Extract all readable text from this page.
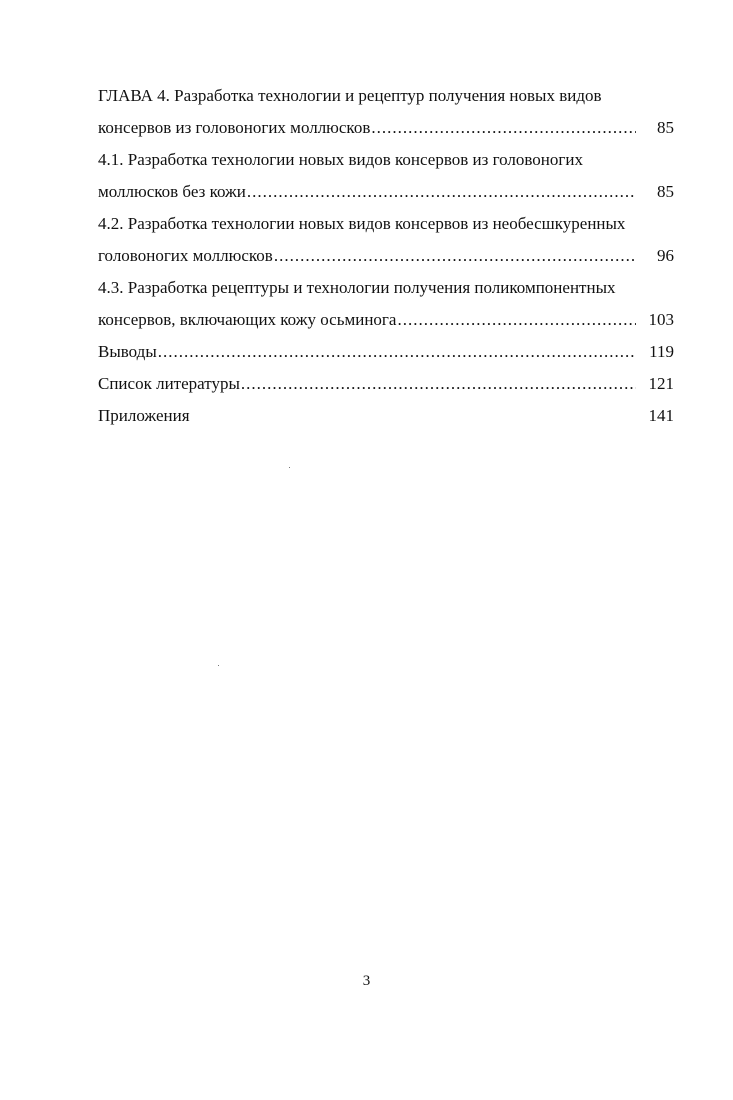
ГЛАВА 4. Разработка технологии и рецептур получения новых видов
консервов из головоногих моллюсков .....	85
4.1. Разработка технологии новых видов консервов из головоногих
моллюсков без кожи .....	85
4.2. Разработка технологии новых видов консервов из необесшкуренных
головоногих моллюсков .....	96
4.3. Разработка рецептуры и технологии получения поликомпонентных
консервов, включающих кожу осьминога .....	103
Выводы .....	119
Список литературы .....	121
Приложения	141
3
